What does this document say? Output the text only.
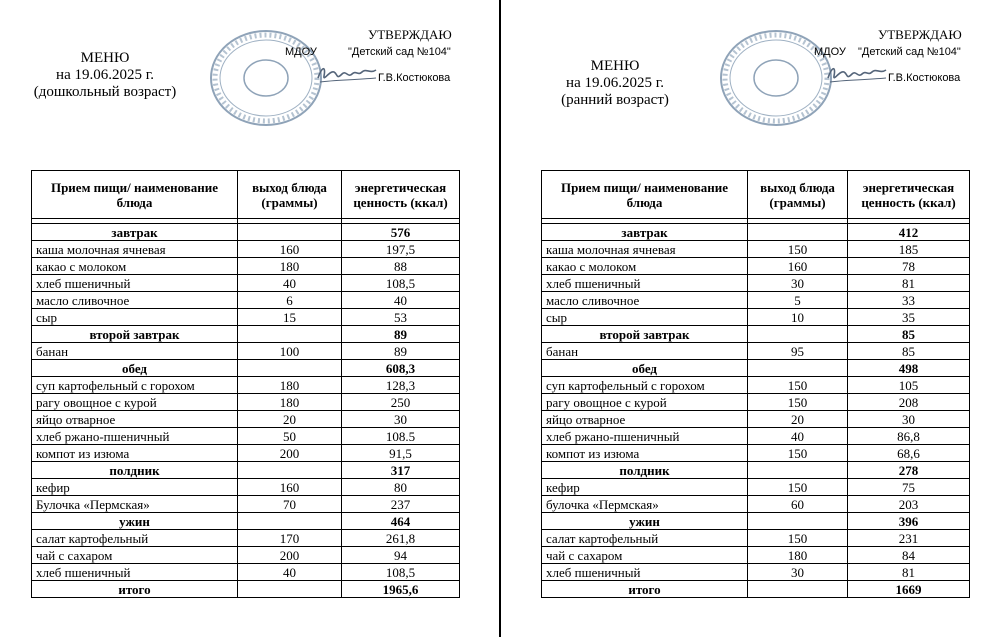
МЕНЮ
на 19.06.2025 г.
(дошкольный возраст)
УТВЕРЖДАЮ
МДОУ	"Детский сад №104"
Г.В.Костюкова
Прием пищи/ наименование блюда	выход блюда (граммы)	энергетическая ценность (ккал)

завтрак		576
каша молочная ячневая	160	197,5
какао с молоком	180	88
хлеб пшеничный	40	108,5
масло сливочное	6	40
сыр	15	53
второй завтрак		89
банан	100	89
обед		608,3
суп картофельный с горохом	180	128,3
рагу овощное с курой	180	250
яйцо отварное	20	30
хлеб ржано-пшеничный	50	108.5
компот из изюма	200	91,5
полдник		317
кефир	160	80
Булочка «Пермская»	70	237
ужин		464
салат картофельный	170	261,8
чай с сахаром	200	94
хлеб пшеничный	40	108,5
итого		1965,6
МЕНЮ
на 19.06.2025 г.
(ранний возраст)
УТВЕРЖДАЮ
МДОУ "Детский сад №104"
Г.В.Костюкова
Прием пищи/ наименование блюда	выход блюда (граммы)	энергетическая ценность (ккал)

завтрак		412
каша молочная ячневая	150	185
какао с молоком	160	78
хлеб пшеничный	30	81
масло сливочное	5	33
сыр	10	35
второй завтрак		85
банан	95	85
обед		498
суп картофельный с горохом	150	105
рагу овощное с курой	150	208
яйцо отварное	20	30
хлеб ржано-пшеничный	40	86,8
компот из изюма	150	68,6
полдник		278
кефир	150	75
булочка «Пермская»	60	203
ужин		396
салат картофельный	150	231
чай с сахаром	180	84
хлеб пшеничный	30	81
итого		1669
